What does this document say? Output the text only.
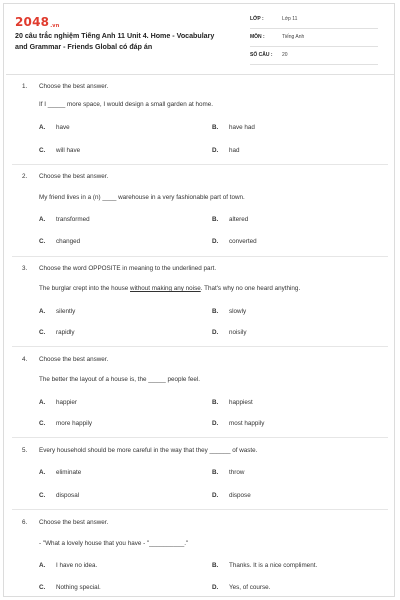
2048.vn
20 câu trắc nghiệm Tiếng Anh 11 Unit 4. Home - Vocabulary and Grammar - Friends Global có đáp án
LỚP :	Lớp 11
MÔN :	Tiếng Anh
SỐ CÂU : 20
1. Choose the best answer.
If I _____ more space, I would design a small garden at home.
A. have	B. have had
C. will have	D. had
2. Choose the best answer.
My friend lives in a (n) ____ warehouse in a very fashionable part of town.
A. transformed	B. altered
C. changed	D. converted
3. Choose the word OPPOSITE in meaning to the underlined part.
The burglar crept into the house without making any noise. That's why no one heard anything.
A. silently	B. slowly
C. rapidly	D. noisily
4. Choose the best answer.
The better the layout of a house is, the _____ people feel.
A. happier	B. happiest
C. more happily	D. most happily
5. Every household should be more careful in the way that they ______ of waste.
A. eliminate	B. throw
C. disposal	D. dispose
6. Choose the best answer.
- "What a lovely house that you have - "__________."
A. I have no idea.	B. Thanks. It is a nice compliment.
C. Nothing special.	D. Yes, of course.
